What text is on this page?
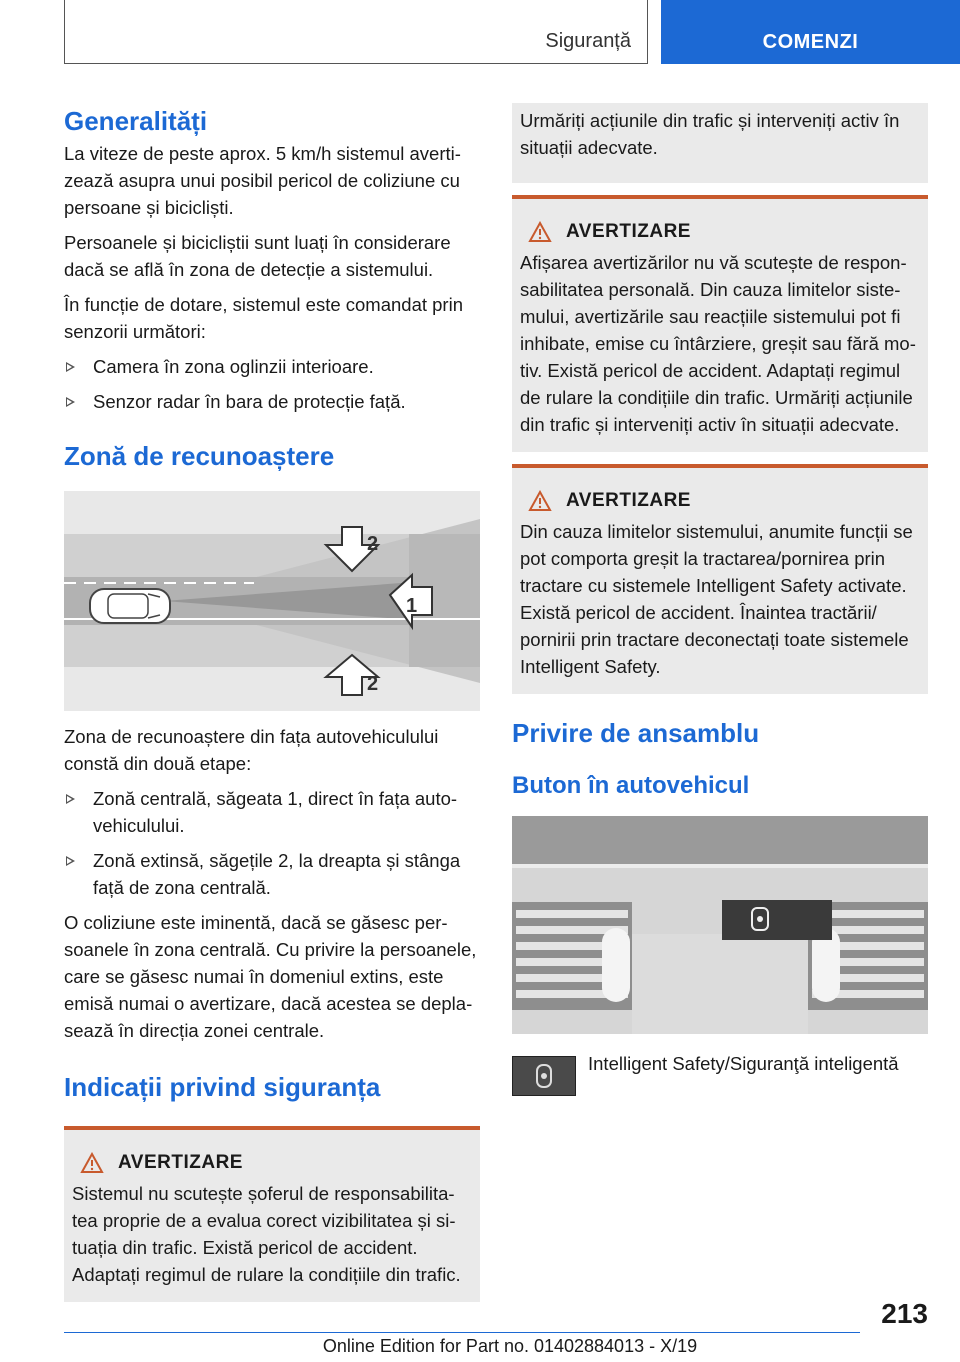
Siguranță	COMENZI
Generalități

La viteze de peste aprox. 5 km/h sistemul averti-zează asupra unui posibil pericol de coliziune cu persoane și bicicliști.

Persoanele și bicicliștii sunt luați în considerare dacă se află în zona de detecție a sistemului.

În funcție de dotare, sistemul este comandat prin senzorii următori:

Camera în zona oglinzii interioare.
Senzor radar în bara de protecție față.
Zonă de recunoaștere
2
1
2

Zona de recunoaștere din fața autovehiculului constă din două etape:

Zonă centrală, săgeata 1, direct în fața auto-vehiculului.
Zonă extinsă, săgețile 2, la dreapta și stânga față de zona centrală.

O coliziune este iminentă, dacă se găsesc per-soanele în zona centrală. Cu privire la persoanele, care se găsesc numai în domeniul extins, este emisă numai o avertizare, dacă acestea se depla-sează în direcția zonei centrale.

Indicații privind siguranța
AVERTIZARE

Sistemul nu scutește șoferul de responsabilita-tea proprie de a evalua corect vizibilitatea și si-tuația din trafic. Există pericol de accident. Adaptați regimul de rulare la condițiile din trafic.

Urmăriți acțiunile din trafic și interveniți activ în situații adecvate.

AVERTIZARE

Afișarea avertizărilor nu vă scutește de respon-sabilitatea personală. Din cauza limitelor siste-mului, avertizările sau reacțiile sistemului pot fi inhibate, emise cu întârziere, greșit sau fără mo-tiv. Există pericol de accident. Adaptați regimul de rulare la condițiile din trafic. Urmăriți acțiunile din trafic și interveniți activ în situații adecvate.

AVERTIZARE

Din cauza limitelor sistemului, anumite funcții se pot comporta greșit la tractarea/pornirea prin tractare cu sistemele Intelligent Safety activate. Există pericol de accident. Înaintea tractării/ pornirii prin tractare deconectați toate sistemele Intelligent Safety.

Privire de ansamblu
Buton în autovehicul
Intelligent Safety/Siguranţă inteligentă
213
Online Edition for Part no. 01402884013 - X/19
